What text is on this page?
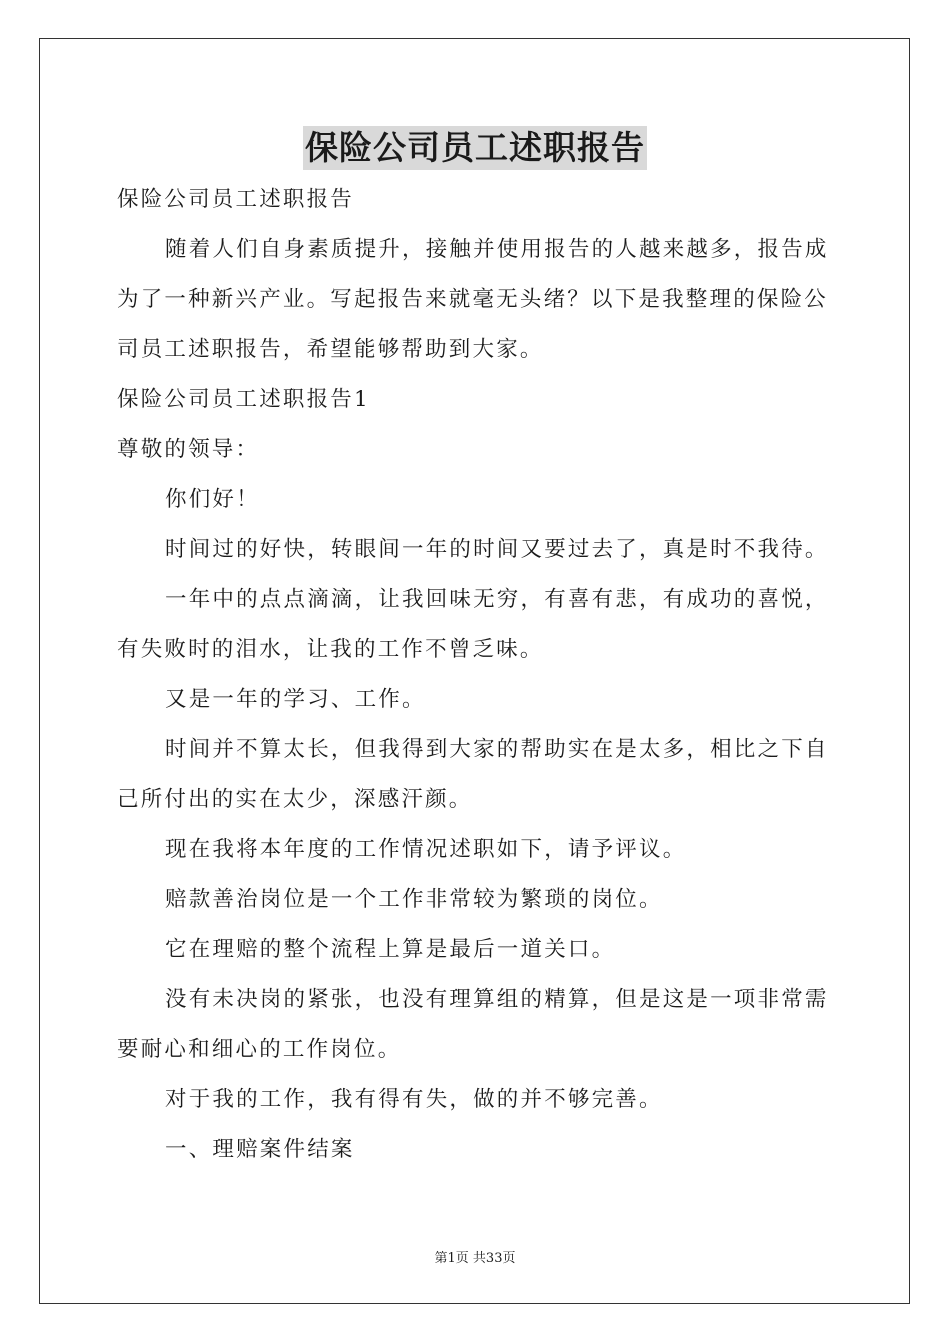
保险公司员工述职报告
保险公司员工述职报告
随着人们自身素质提升，接触并使用报告的人越来越多，报告成
为了一种新兴产业。写起报告来就毫无头绪？以下是我整理的保险公
司员工述职报告，希望能够帮助到大家。
保险公司员工述职报告1
尊敬的领导：
你们好！
时间过的好快，转眼间一年的时间又要过去了，真是时不我待。
一年中的点点滴滴，让我回味无穷，有喜有悲，有成功的喜悦，
有失败时的泪水，让我的工作不曾乏味。
又是一年的学习、工作。
时间并不算太长，但我得到大家的帮助实在是太多，相比之下自
己所付出的实在太少，深感汗颜。
现在我将本年度的工作情况述职如下，请予评议。
赔款善治岗位是一个工作非常较为繁琐的岗位。
它在理赔的整个流程上算是最后一道关口。
没有未决岗的紧张，也没有理算组的精算，但是这是一项非常需
要耐心和细心的工作岗位。
对于我的工作，我有得有失，做的并不够完善。
一、理赔案件结案
第1页 共33页
